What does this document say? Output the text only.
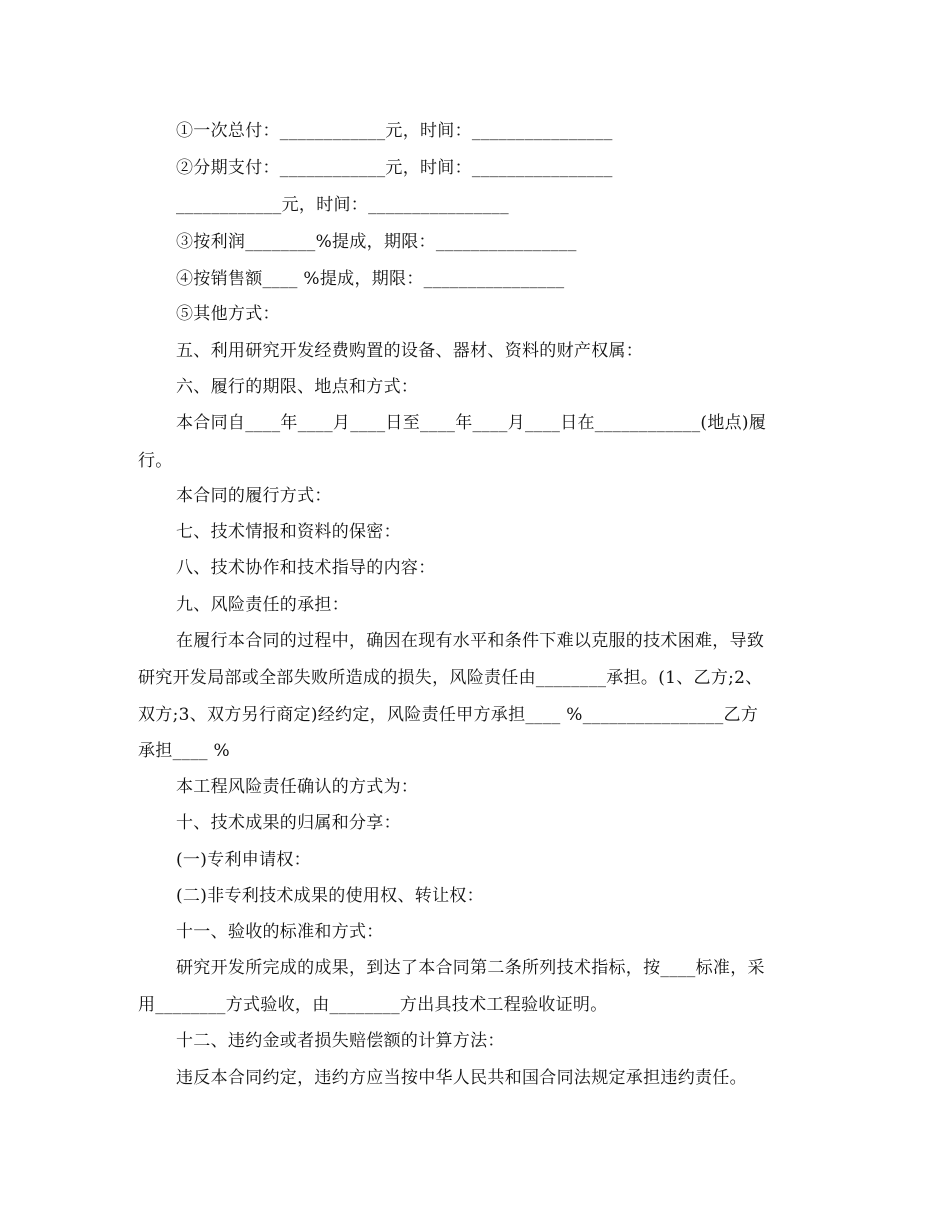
①一次总付：____________元，时间：________________
②分期支付：____________元，时间：________________
____________元，时间：________________
③按利润________%提成，期限：________________
④按销售额____ %提成，期限：________________
⑤其他方式：
五、利用研究开发经费购置的设备、器材、资料的财产权属：
六、履行的期限、地点和方式：
本合同自____年____月____日至____年____月____日在____________(地点)履
行。
本合同的履行方式：
七、技术情报和资料的保密：
八、技术协作和技术指导的内容：
九、风险责任的承担：
在履行本合同的过程中，确因在现有水平和条件下难以克服的技术困难，导致
研究开发局部或全部失败所造成的损失，风险责任由________承担。(1、乙方;2、
双方;3、双方另行商定)经约定，风险责任甲方承担____ %________________乙方
承担____ %
本工程风险责任确认的方式为：
十、技术成果的归属和分享：
(一)专利申请权：
(二)非专利技术成果的使用权、转让权：
十一、验收的标准和方式：
研究开发所完成的成果，到达了本合同第二条所列技术指标，按____标准，采
用________方式验收，由________方出具技术工程验收证明。
十二、违约金或者损失赔偿额的计算方法：
违反本合同约定，违约方应当按中华人民共和国合同法规定承担违约责任。
